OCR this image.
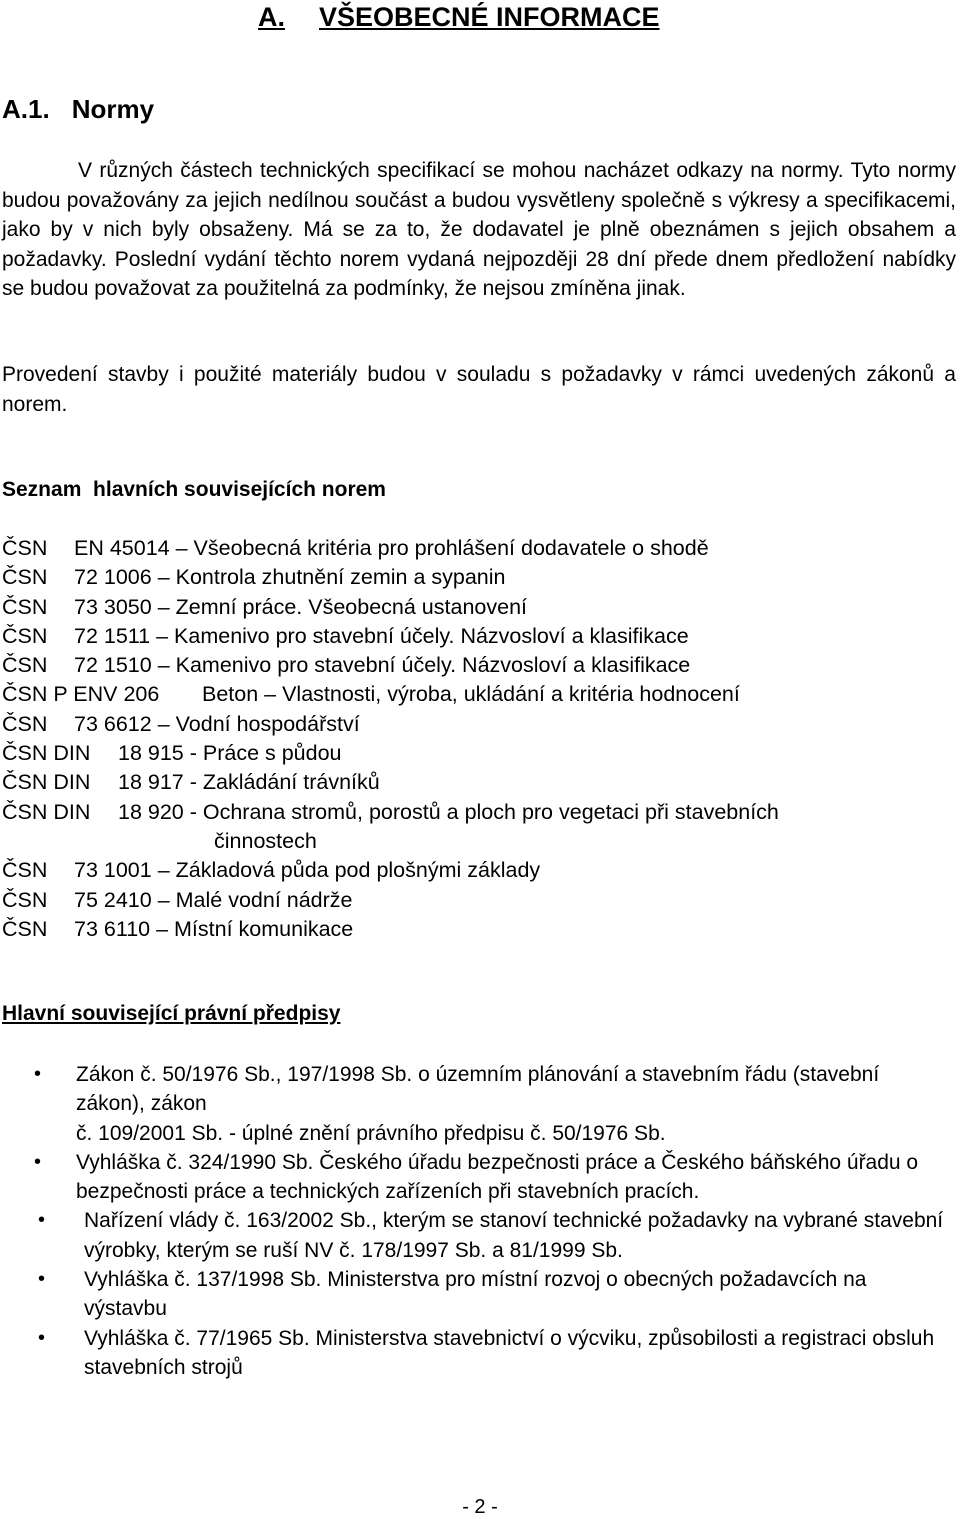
A. VŠEOBECNÉ INFORMACE
A.1. Normy
V různých částech technických specifikací se mohou nacházet odkazy na normy. Tyto normy budou považovány za jejich nedílnou součást a budou vysvětleny společně s výkresy a specifikacemi, jako by v nich byly obsaženy. Má se za to, že dodavatel je plně obeznámen s jejich obsahem a požadavky. Poslední vydání těchto norem vydaná nejpozději 28 dní přede dnem předložení nabídky se budou považovat za použitelná za podmínky, že nejsou zmíněna jinak.
Provedení stavby i použité materiály budou v souladu s požadavky v rámci uvedených zákonů a norem.
Seznam  hlavních souvisejících norem
ČSN EN 45014 – Všeobecná kritéria pro prohlášení dodavatele o shodě
ČSN 72 1006 – Kontrola zhutnění zemin a sypanin
ČSN 73 3050 – Zemní práce. Všeobecná ustanovení
ČSN 72 1511 – Kamenivo pro stavební účely. Názvosloví a klasifikace
ČSN 72 1510 – Kamenivo pro stavební účely. Názvosloví a klasifikace
ČSN P ENV 206 Beton – Vlastnosti, výroba, ukládání a kritéria hodnocení
ČSN 73 6612 – Vodní hospodářství
ČSN DIN 18 915 - Práce s půdou
ČSN DIN 18 917 - Zakládání trávníků
ČSN DIN 18 920 - Ochrana stromů, porostů a ploch pro vegetaci při stavebních
činnostech
ČSN 73 1001 – Základová půda pod plošnými základy
ČSN 75 2410 – Malé vodní nádrže
ČSN 73 6110 – Místní komunikace
Hlavní související právní předpisy
• Zákon č. 50/1976 Sb., 197/1998 Sb. o územním plánování a stavebním řádu (stavební zákon), zákon

č. 109/2001 Sb. - úplné znění právního předpisu č. 50/1976 Sb.

• Vyhláška č. 324/1990 Sb. Českého úřadu bezpečnosti práce a Českého báňského úřadu o bezpečnosti práce a technických zařízeních při stavebních pracích.

• Nařízení vlády č. 163/2002 Sb., kterým se stanoví technické požadavky na vybrané stavební výrobky, kterým se ruší NV č. 178/1997 Sb. a 81/1999 Sb.

• Vyhláška č. 137/1998 Sb. Ministerstva pro místní rozvoj o obecných požadavcích na výstavbu

• Vyhláška č. 77/1965 Sb. Ministerstva stavebnictví o výcviku, způsobilosti a registraci obsluh stavebních strojů

- 2 -
